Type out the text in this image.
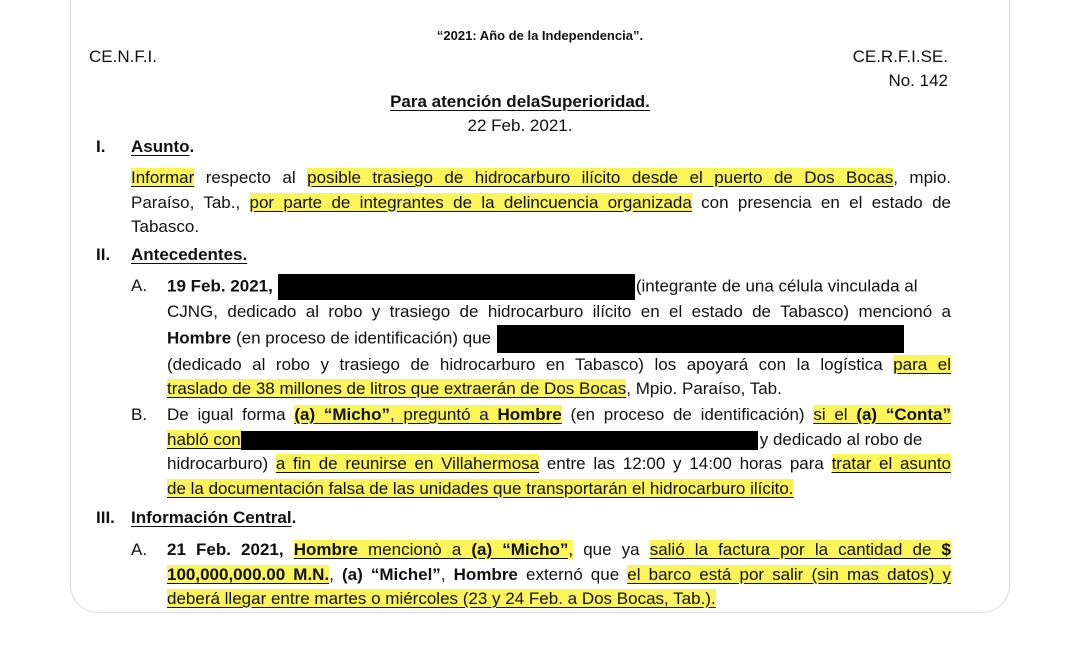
“2021: Año de la Independencia”.
CE.N.F.I.	CE.R.F.I.SE.
No. 142
Para atención delaSuperioridad.
22 Feb. 2021.
I. Asunto.
Informar respecto al posible trasiego de hidrocarburo ilícito desde el puerto de Dos Bocas, mpio.
Paraíso, Tab., por parte de integrantes de la delincuencia organizada con presencia en el estado de
Tabasco.
II. Antecedentes.
A. 19 Feb. 2021,	(integrante de una célula vinculada al
CJNG, dedicado al robo y trasiego de hidrocarburo ilícito en el estado de Tabasco) mencionó a
Hombre (en proceso de identificación) que
(dedicado al robo y trasiego de hidrocarburo en Tabasco) los apoyará con la logística para el
traslado de 38 millones de litros que extraerán de Dos Bocas, Mpio. Paraíso, Tab.
B. De igual forma (a) “Micho”, preguntó a Hombre (en proceso de identificación) si el (a) “Conta”
habló con	y dedicado al robo de
hidrocarburo) a fin de reunirse en Villahermosa entre las 12:00 y 14:00 horas para tratar el asunto
de la documentación falsa de las unidades que transportarán el hidrocarburo ilícito.
III. Información Central.
A. 21 Feb. 2021, Hombre mencionò a (a) “Micho”, que ya salió la factura por la cantidad de $
100,000,000.00 M.N., (a) “Michel”, Hombre externó que el barco está por salir (sin mas datos) y
deberá llegar entre martes o miércoles (23 y 24 Feb. a Dos Bocas, Tab.).
